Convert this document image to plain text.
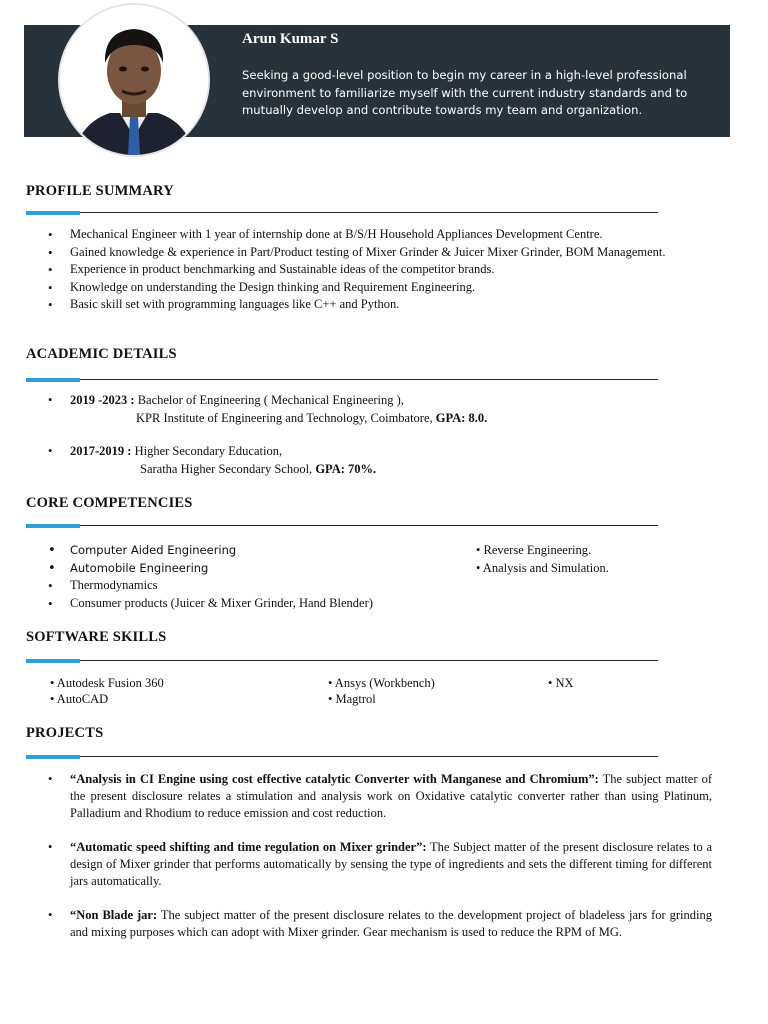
Arun Kumar S
Seeking a good-level position to begin my career in a high-level professional environment to familiarize myself with the current industry standards and to mutually develop and contribute towards my team and organization.
PROFILE SUMMARY
• Mechanical Engineer with 1 year of internship done at B/S/H Household Appliances Development Centre.
• Gained knowledge & experience in Part/Product testing of Mixer Grinder & Juicer Mixer Grinder, BOM Management.
• Experience in product benchmarking and Sustainable ideas of the competitor brands.
• Knowledge on understanding the Design thinking and Requirement Engineering.
• Basic skill set with programming languages like C++ and Python.
ACADEMIC DETAILS
• 2019 -2023 : Bachelor of Engineering ( Mechanical Engineering ),
KPR Institute of Engineering and Technology, Coimbatore, GPA: 8.0.
• 2017-2019 : Higher Secondary Education,
Saratha Higher Secondary School, GPA: 70%.
CORE COMPETENCIES
• Computer Aided Engineering
• Automobile Engineering
• Thermodynamics
• Consumer products (Juicer & Mixer Grinder, Hand Blender)
• Reverse Engineering.
• Analysis and Simulation.
SOFTWARE SKILLS
• Autodesk Fusion 360
• AutoCAD
• Ansys (Workbench)
• Magtrol
• NX
PROJECTS

• “Analysis in CI Engine using cost effective catalytic Converter with Manganese and Chromium”: The subject matter of the present disclosure relates a stimulation and analysis work on Oxidative catalytic converter rather than using Platinum, Palladium and Rhodium to reduce emission and cost reduction.

• “Automatic speed shifting and time regulation on Mixer grinder”: The Subject matter of the present disclosure relates to a design of Mixer grinder that performs automatically by sensing the type of ingredients and sets the different timing for different jars automatically.

• “Non Blade jar: The subject matter of the present disclosure relates to the development project of bladeless jars for grinding and mixing purposes which can adopt with Mixer grinder. Gear mechanism is used to reduce the RPM of MG.
